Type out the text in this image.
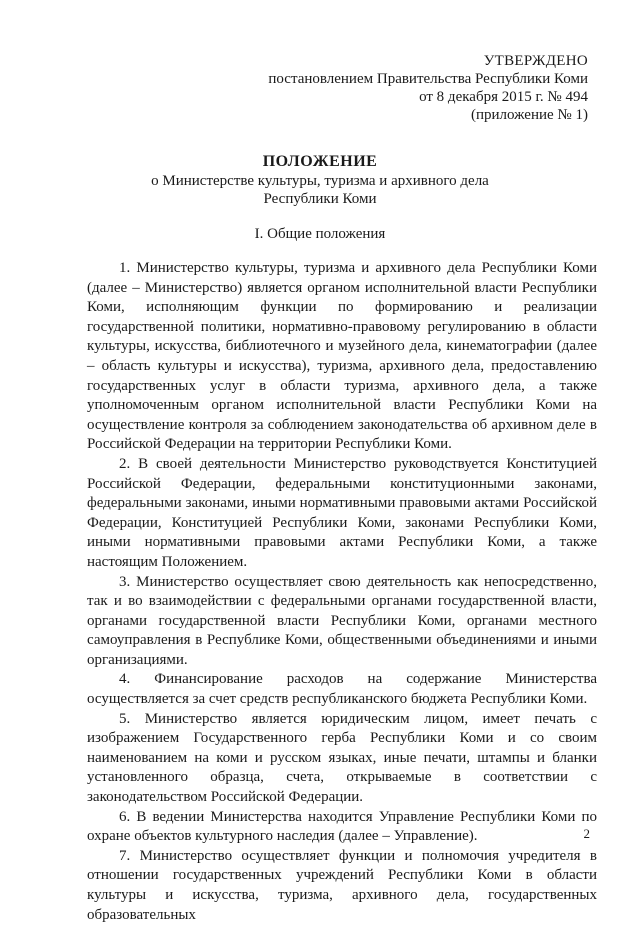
УТВЕРЖДЕНО
постановлением Правительства Республики Коми
от 8 декабря 2015 г. № 494
(приложение № 1)
ПОЛОЖЕНИЕ
о Министерстве культуры, туризма и архивного дела
Республики Коми
I. Общие положения

1. Министерство культуры, туризма и архивного дела Республики Коми (далее – Министерство) является органом исполнительной власти Республики Коми, исполняющим функции по формированию и реализации государственной политики, нормативно-правовому регулированию в области культуры, искусства, библиотечного и музейного дела, кинематографии (далее – область культуры и искусства), туризма, архивного дела, предоставлению государственных услуг в области туризма, архивного дела, а также уполномоченным органом исполнительной власти Республики Коми на осуществление контроля за соблюдением законодательства об архивном деле в Российской Федерации на территории Республики Коми.

2. В своей деятельности Министерство руководствуется Конституцией Российской Федерации, федеральными конституционными законами, федеральными законами, иными нормативными правовыми актами Российской Федерации, Конституцией Республики Коми, законами Республики Коми, иными нормативными правовыми актами Республики Коми, а также настоящим Положением.

3. Министерство осуществляет свою деятельность как непосредственно, так и во взаимодействии с федеральными органами государственной власти, органами государственной власти Республики Коми, органами местного самоуправления в Республике Коми, общественными объединениями и иными организациями.

4. Финансирование расходов на содержание Министерства осуществляется за счет средств республиканского бюджета Республики Коми.

5. Министерство является юридическим лицом, имеет печать с изображением Государственного герба Республики Коми и со своим наименованием на коми и русском языках, иные печати, штампы и бланки установленного образца, счета, открываемые в соответствии с законодательством Российской Федерации.

6. В ведении Министерства находится Управление Республики Коми по охране объектов культурного наследия (далее – Управление).

7. Министерство осуществляет функции и полномочия учредителя в отношении государственных учреждений Республики Коми в области культуры и искусства, туризма, архивного дела, государственных образовательных

2
